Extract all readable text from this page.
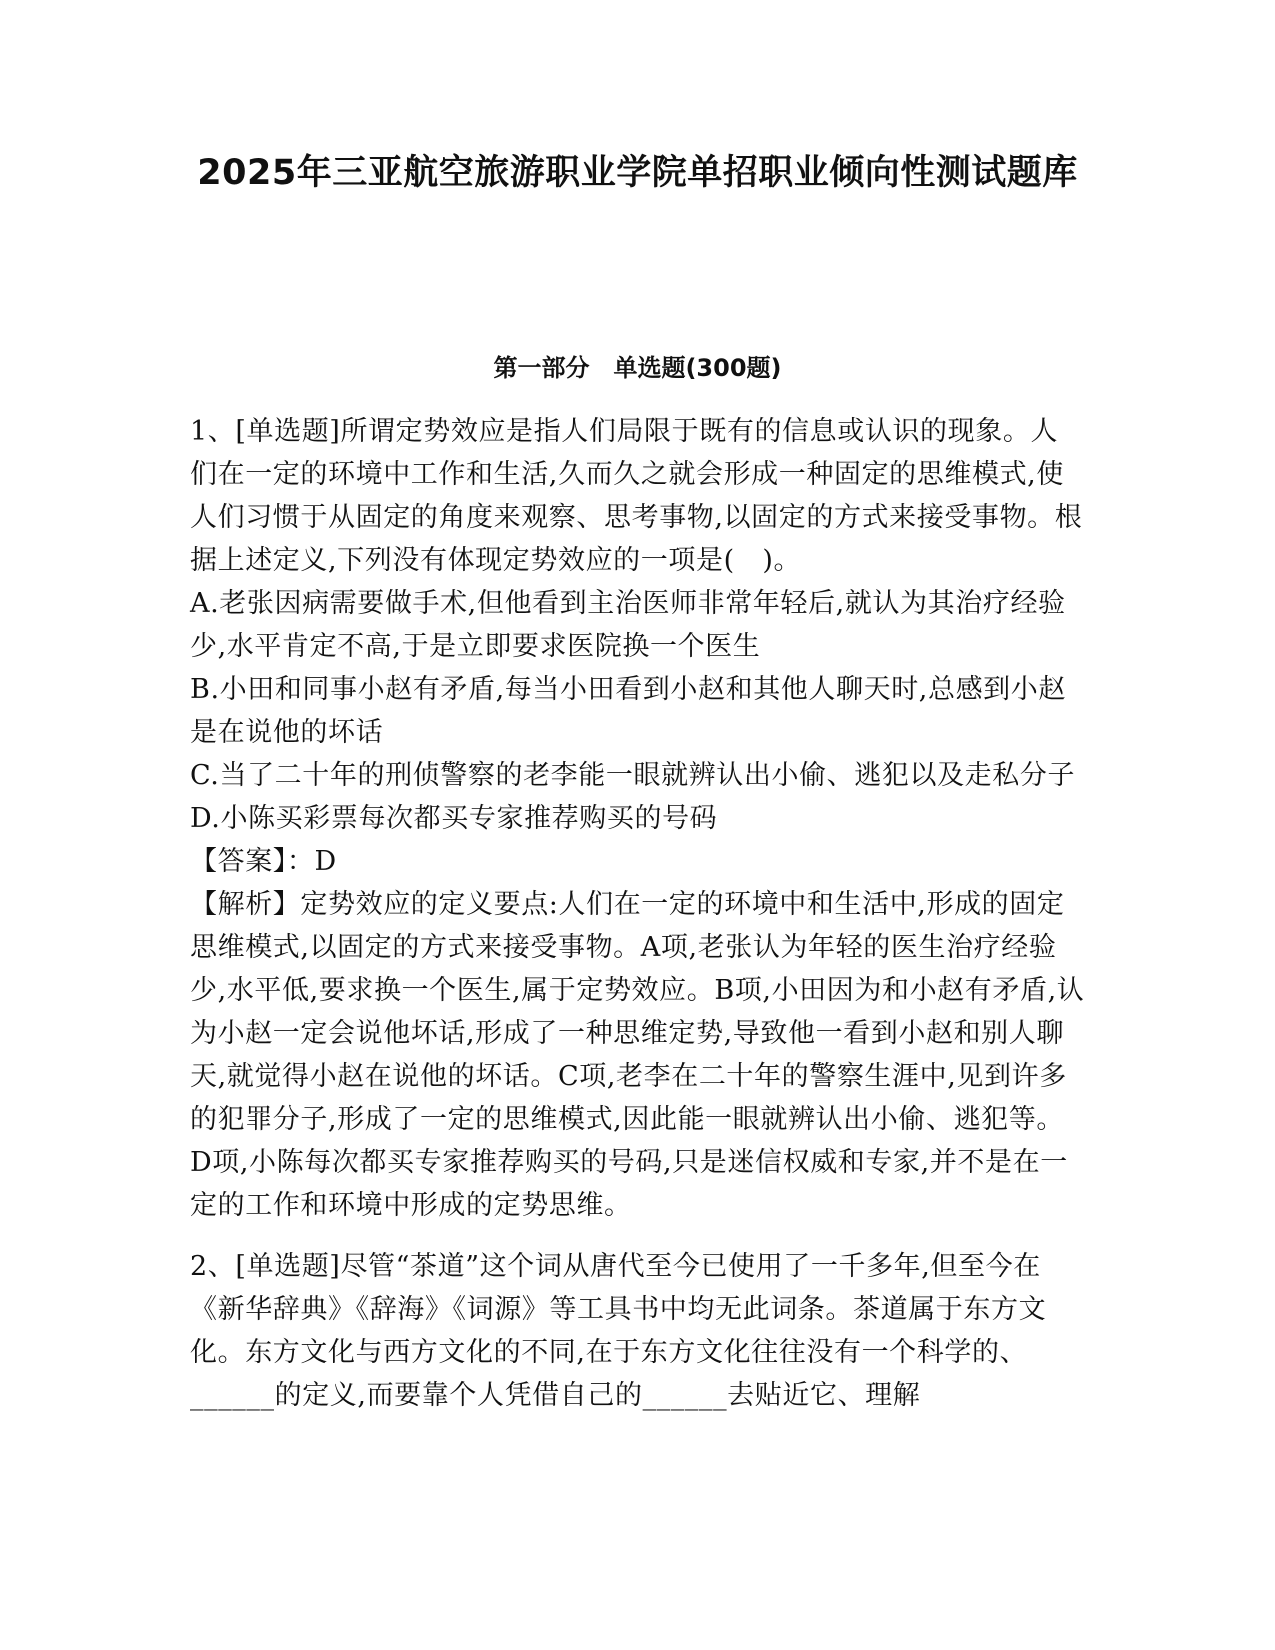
2025年三亚航空旅游职业学院单招职业倾向性测试题库
第一部分　单选题(300题)

1、[单选题]所谓定势效应是指人们局限于既有的信息或认识的现象。人们在一定的环境中工作和生活,久而久之就会形成一种固定的思维模式,使人们习惯于从固定的角度来观察、思考事物,以固定的方式来接受事物。根据上述定义,下列没有体现定势效应的一项是(　)。

A.老张因病需要做手术,但他看到主治医师非常年轻后,就认为其治疗经验少,水平肯定不高,于是立即要求医院换一个医生

B.小田和同事小赵有矛盾,每当小田看到小赵和其他人聊天时,总感到小赵是在说他的坏话

C.当了二十年的刑侦警察的老李能一眼就辨认出小偷、逃犯以及走私分子

D.小陈买彩票每次都买专家推荐购买的号码

【答案】：D

【解析】定势效应的定义要点:人们在一定的环境中和生活中,形成的固定思维模式,以固定的方式来接受事物。A项,老张认为年轻的医生治疗经验少,水平低,要求换一个医生,属于定势效应。B项,小田因为和小赵有矛盾,认为小赵一定会说他坏话,形成了一种思维定势,导致他一看到小赵和别人聊天,就觉得小赵在说他的坏话。C项,老李在二十年的警察生涯中,见到许多的犯罪分子,形成了一定的思维模式,因此能一眼就辨认出小偷、逃犯等。D项,小陈每次都买专家推荐购买的号码,只是迷信权威和专家,并不是在一定的工作和环境中形成的定势思维。

2、[单选题]尽管“茶道”这个词从唐代至今已使用了一千多年,但至今在《新华辞典》《辞海》《词源》等工具书中均无此词条。茶道属于东方文化。东方文化与西方文化的不同,在于东方文化往往没有一个科学的、______的定义,而要靠个人凭借自己的______去贴近它、理解
